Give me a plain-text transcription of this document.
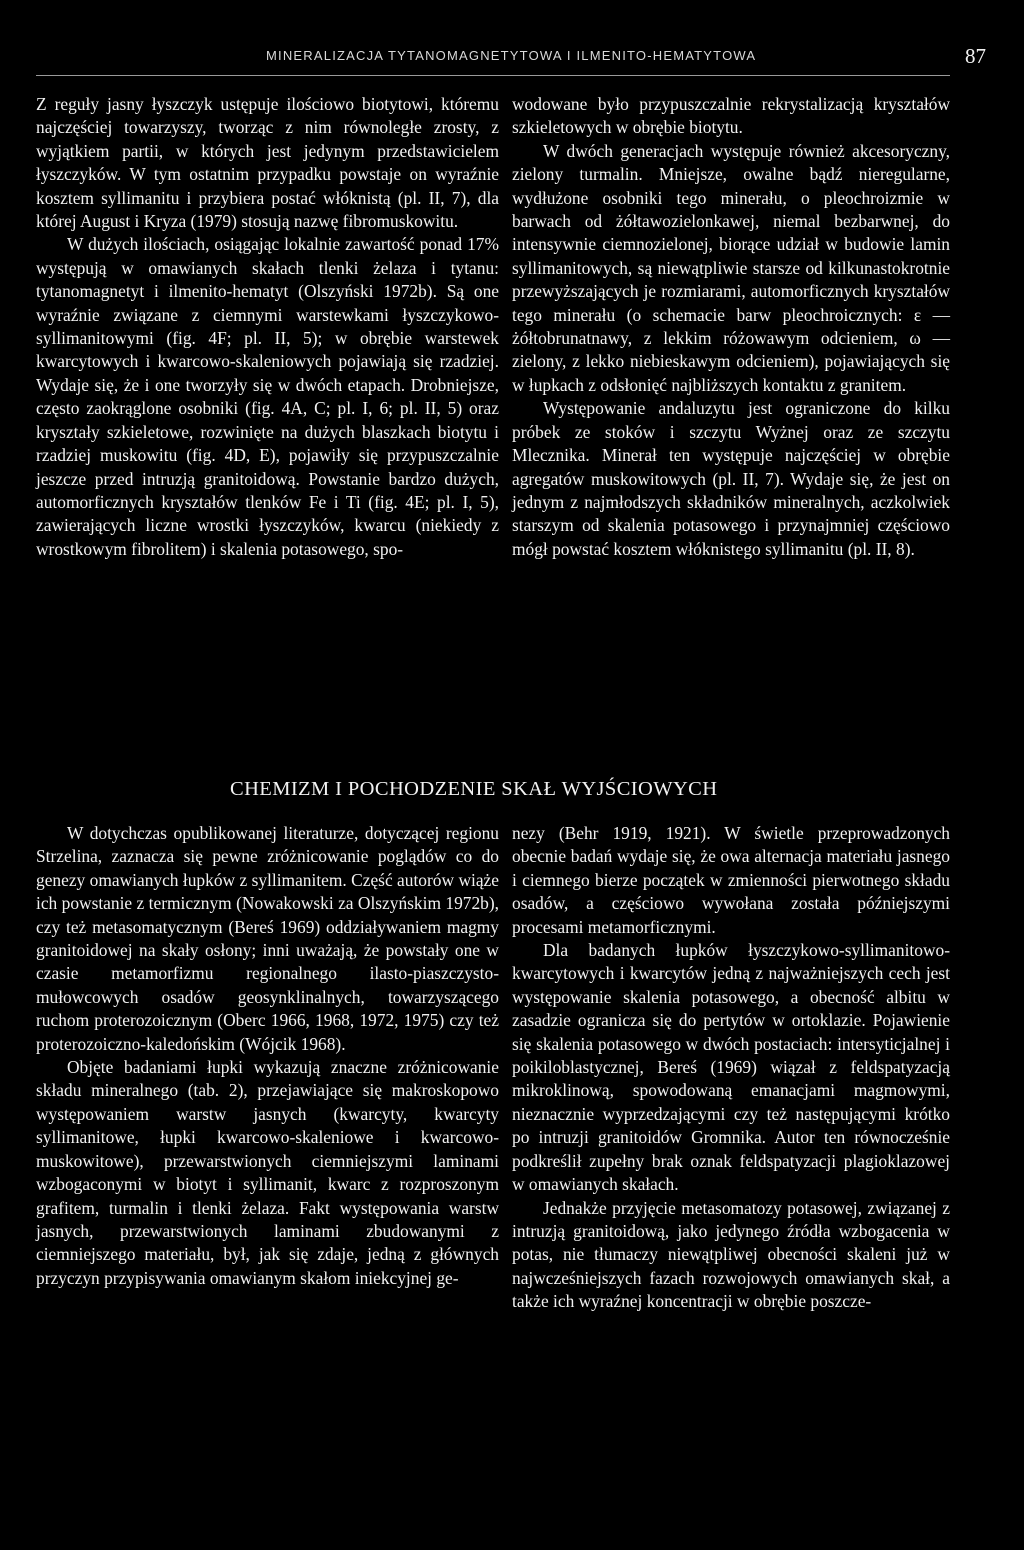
MINERALIZACJA TYTANOMAGNETYTOWA I ILMENITO-HEMATYTOWA	87

Z reguły jasny łyszczyk ustępuje ilościowo biotytowi, któremu najczęściej towarzyszy, tworząc z nim równoległe zrosty, z wyjątkiem partii, w których jest jedynym przedstawicielem łyszczyków. W tym ostatnim przypadku powstaje on wyraźnie kosztem syllimanitu i przybiera postać włóknistą (pl. II, 7), dla której August i Kryza (1979) stosują nazwę fibromuskowitu.

W dużych ilościach, osiągając lokalnie zawartość ponad 17% występują w omawianych skałach tlenki żelaza i tytanu: tytanomagnetyt i ilmenito-hematyt (Olszyński 1972b). Są one wyraźnie związane z ciemnymi warstewkami łyszczykowo-syllimanitowymi (fig. 4F; pl. II, 5); w obrębie warstewek kwarcytowych i kwarcowo-skaleniowych pojawiają się rzadziej. Wydaje się, że i one tworzyły się w dwóch etapach. Drobniejsze, często zaokrąglone osobniki (fig. 4A, C; pl. I, 6; pl. II, 5) oraz kryształy szkieletowe, rozwinięte na dużych blaszkach biotytu i rzadziej muskowitu (fig. 4D, E), pojawiły się przypuszczalnie jeszcze przed intruzją granitoidową. Powstanie bardzo dużych, automorficznych kryształów tlenków Fe i Ti (fig. 4E; pl. I, 5), zawierających liczne wrostki łyszczyków, kwarcu (niekiedy z wrostkowym fibrolitem) i skalenia potasowego, spo-

wodowane było przypuszczalnie rekrystalizacją kryształów szkieletowych w obrębie biotytu.

W dwóch generacjach występuje również akcesoryczny, zielony turmalin. Mniejsze, owalne bądź nieregularne, wydłużone osobniki tego minerału, o pleochroizmie w barwach od żółtawozielonkawej, niemal bezbarwnej, do intensywnie ciemnozielonej, biorące udział w budowie lamin syllimanitowych, są niewątpliwie starsze od kilkunastokrotnie przewyższających je rozmiarami, automorficznych kryształów tego minerału (o schemacie barw pleochroicznych: ε — żółtobrunatnawy, z lekkim różowawym odcieniem, ω — zielony, z lekko niebieskawym odcieniem), pojawiających się w łupkach z odsłonięć najbliższych kontaktu z granitem.

Występowanie andaluzytu jest ograniczone do kilku próbek ze stoków i szczytu Wyżnej oraz ze szczytu Mlecznika. Minerał ten występuje najczęściej w obrębie agregatów muskowitowych (pl. II, 7). Wydaje się, że jest on jednym z najmłodszych składników mineralnych, aczkolwiek starszym od skalenia potasowego i przynajmniej częściowo mógł powstać kosztem włóknistego syllimanitu (pl. II, 8).

CHEMIZM I POCHODZENIE SKAŁ WYJŚCIOWYCH

W dotychczas opublikowanej literaturze, dotyczącej regionu Strzelina, zaznacza się pewne zróżnicowanie poglądów co do genezy omawianych łupków z syllimanitem. Część autorów wiąże ich powstanie z termicznym (Nowakowski za Olszyńskim 1972b), czy też metasomatycznym (Bereś 1969) oddziaływaniem magmy granitoidowej na skały osłony; inni uważają, że powstały one w czasie metamorfizmu regionalnego ilasto-piaszczysto-mułowcowych osadów geosynklinalnych, towarzyszącego ruchom proterozoicznym (Oberc 1966, 1968, 1972, 1975) czy też proterozoiczno-kaledońskim (Wójcik 1968).

Objęte badaniami łupki wykazują znaczne zróżnicowanie składu mineralnego (tab. 2), przejawiające się makroskopowo występowaniem warstw jasnych (kwarcyty, kwarcyty syllimanitowe, łupki kwarcowo-skaleniowe i kwarcowo-muskowitowe), przewarstwionych ciemniejszymi laminami wzbogaconymi w biotyt i syllimanit, kwarc z rozproszonym grafitem, turmalin i tlenki żelaza. Fakt występowania warstw jasnych, przewarstwionych laminami zbudowanymi z ciemniejszego materiału, był, jak się zdaje, jedną z głównych przyczyn przypisywania omawianym skałom iniekcyjnej ge-

nezy (Behr 1919, 1921). W świetle przeprowadzonych obecnie badań wydaje się, że owa alternacja materiału jasnego i ciemnego bierze początek w zmienności pierwotnego składu osadów, a częściowo wywołana została późniejszymi procesami metamorficznymi.

Dla badanych łupków łyszczykowo-syllimanitowo-kwarcytowych i kwarcytów jedną z najważniejszych cech jest występowanie skalenia potasowego, a obecność albitu w zasadzie ogranicza się do pertytów w ortoklazie. Pojawienie się skalenia potasowego w dwóch postaciach: intersyticjalnej i poikiloblastycznej, Bereś (1969) wiązał z feldspatyzacją mikroklinową, spowodowaną emanacjami magmowymi, nieznacznie wyprzedzającymi czy też następującymi krótko po intruzji granitoidów Gromnika. Autor ten równocześnie podkreślił zupełny brak oznak feldspatyzacji plagioklazowej w omawianych skałach.

Jednakże przyjęcie metasomatozy potasowej, związanej z intruzją granitoidową, jako jedynego źródła wzbogacenia w potas, nie tłumaczy niewątpliwej obecności skaleni już w najwcześniejszych fazach rozwojowych omawianych skał, a także ich wyraźnej koncentracji w obrębie poszcze-
